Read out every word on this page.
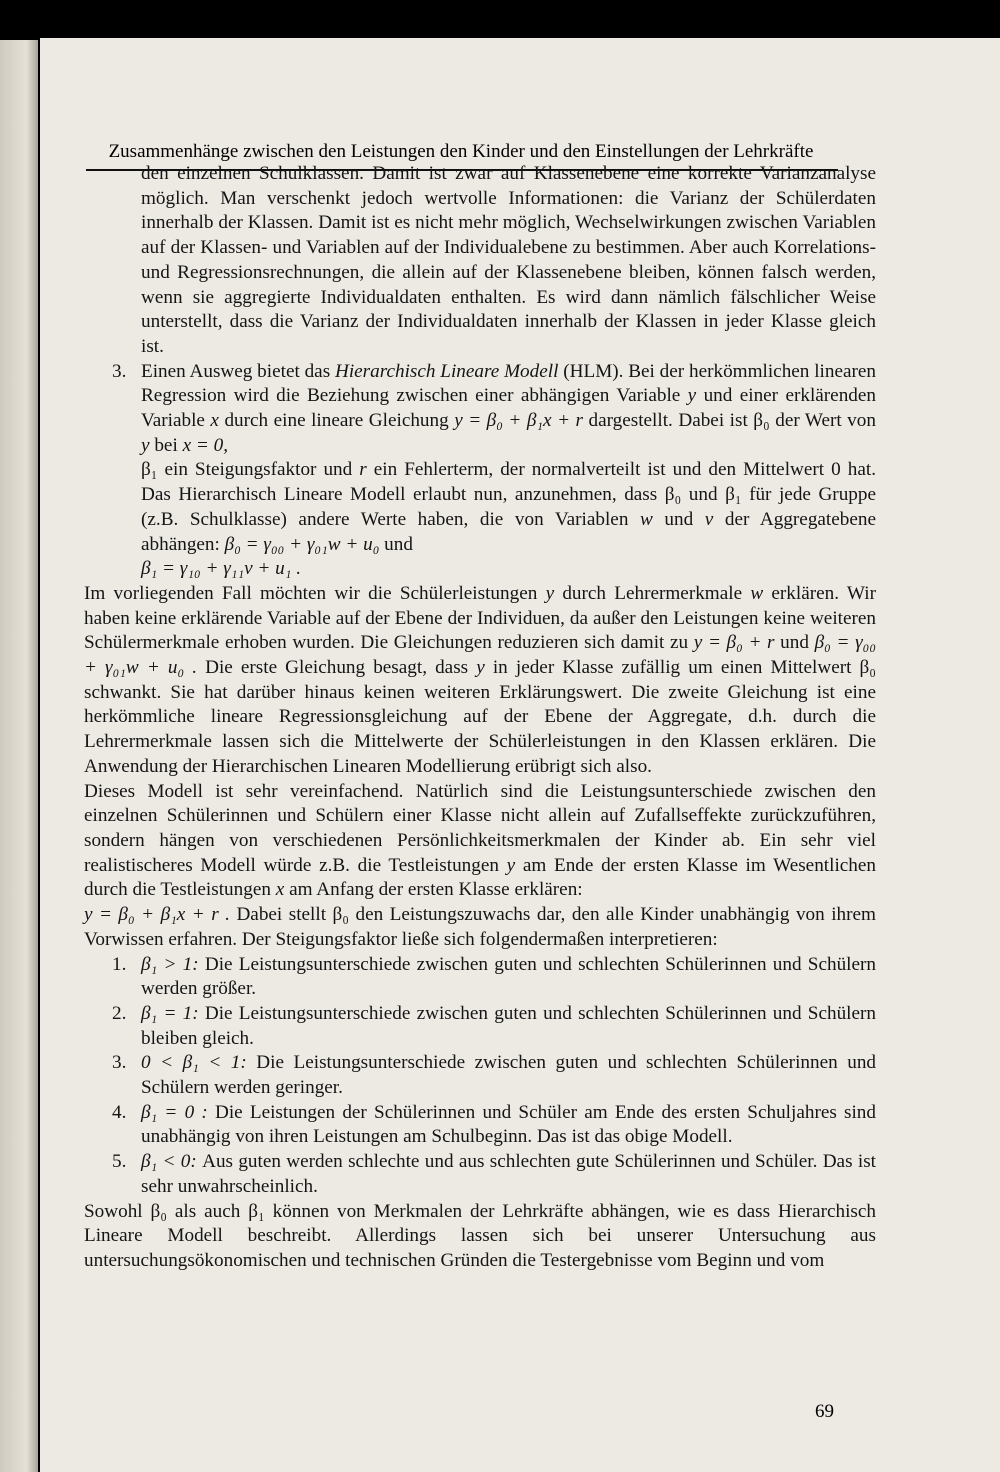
Zusammenhänge zwischen den Leistungen den Kinder und den Einstellungen der Lehrkräfte

den einzelnen Schulklassen. Damit ist zwar auf Klassenebene eine korrekte Varianzanalyse möglich. Man verschenkt jedoch wertvolle Informationen: die Varianz der Schülerdaten innerhalb der Klassen. Damit ist es nicht mehr möglich, Wechselwirkungen zwischen Variablen auf der Klassen- und Variablen auf der Individualebene zu bestimmen. Aber auch Korrelations- und Regressionsrechnungen, die allein auf der Klassenebene bleiben, können falsch werden, wenn sie aggregierte Individualdaten enthalten. Es wird dann nämlich fälschlicher Weise unterstellt, dass die Varianz der Individualdaten innerhalb der Klassen in jeder Klasse gleich ist.

3. Einen Ausweg bietet das Hierarchisch Lineare Modell (HLM). Bei der herkömmlichen linearen Regression wird die Beziehung zwischen einer abhängigen Variable y und einer erklärenden Variable x durch eine lineare Gleichung y = β₀ + β₁x + r dargestellt. Dabei ist β₀ der Wert von y bei x = 0,
β₁ ein Steigungsfaktor und r ein Fehlerterm, der normalverteilt ist und den Mittelwert 0 hat. Das Hierarchisch Lineare Modell erlaubt nun, anzunehmen, dass β₀ und β₁ für jede Gruppe (z.B. Schulklasse) andere Werte haben, die von Variablen w und v der Aggregatebene abhängen: β₀ = γ₀₀ + γ₀₁w + u₀ und
β₁ = γ₁₀ + γ₁₁v + u₁ .

Im vorliegenden Fall möchten wir die Schülerleistungen y durch Lehrermerkmale w erklären. Wir haben keine erklärende Variable auf der Ebene der Individuen, da außer den Leistungen keine weiteren Schülermerkmale erhoben wurden. Die Gleichungen reduzieren sich damit zu y = β₀ + r und β₀ = γ₀₀ + γ₀₁w + u₀ . Die erste Gleichung besagt, dass y in jeder Klasse zufällig um einen Mittelwert β₀ schwankt. Sie hat darüber hinaus keinen weiteren Erklärungswert. Die zweite Gleichung ist eine herkömmliche lineare Regressionsgleichung auf der Ebene der Aggregate, d.h. durch die Lehrermerkmale lassen sich die Mittelwerte der Schülerleistungen in den Klassen erklären. Die Anwendung der Hierarchischen Linearen Modellierung erübrigt sich also.

Dieses Modell ist sehr vereinfachend. Natürlich sind die Leistungsunterschiede zwischen den einzelnen Schülerinnen und Schülern einer Klasse nicht allein auf Zufallseffekte zurückzuführen, sondern hängen von verschiedenen Persönlichkeitsmerkmalen der Kinder ab. Ein sehr viel realistischeres Modell würde z.B. die Testleistungen y am Ende der ersten Klasse im Wesentlichen durch die Testleistungen x am Anfang der ersten Klasse erklären:
y = β₀ + β₁x + r . Dabei stellt β₀ den Leistungszuwachs dar, den alle Kinder unabhängig von ihrem Vorwissen erfahren. Der Steigungsfaktor ließe sich folgendermaßen interpretieren:

1. β₁ > 1: Die Leistungsunterschiede zwischen guten und schlechten Schülerinnen und Schülern werden größer.

2. β₁ = 1: Die Leistungsunterschiede zwischen guten und schlechten Schülerinnen und Schülern bleiben gleich.

3. 0 < β₁ < 1: Die Leistungsunterschiede zwischen guten und schlechten Schülerinnen und Schülern werden geringer.

4. β₁ = 0 : Die Leistungen der Schülerinnen und Schüler am Ende des ersten Schuljahres sind unabhängig von ihren Leistungen am Schulbeginn. Das ist das obige Modell.

5. β₁ < 0: Aus guten werden schlechte und aus schlechten gute Schülerinnen und Schüler. Das ist sehr unwahrscheinlich.

Sowohl β₀ als auch β₁ können von Merkmalen der Lehrkräfte abhängen, wie es dass Hierarchisch Lineare Modell beschreibt. Allerdings lassen sich bei unserer Untersuchung aus untersuchungsökonomischen und technischen Gründen die Testergebnisse vom Beginn und vom

69
